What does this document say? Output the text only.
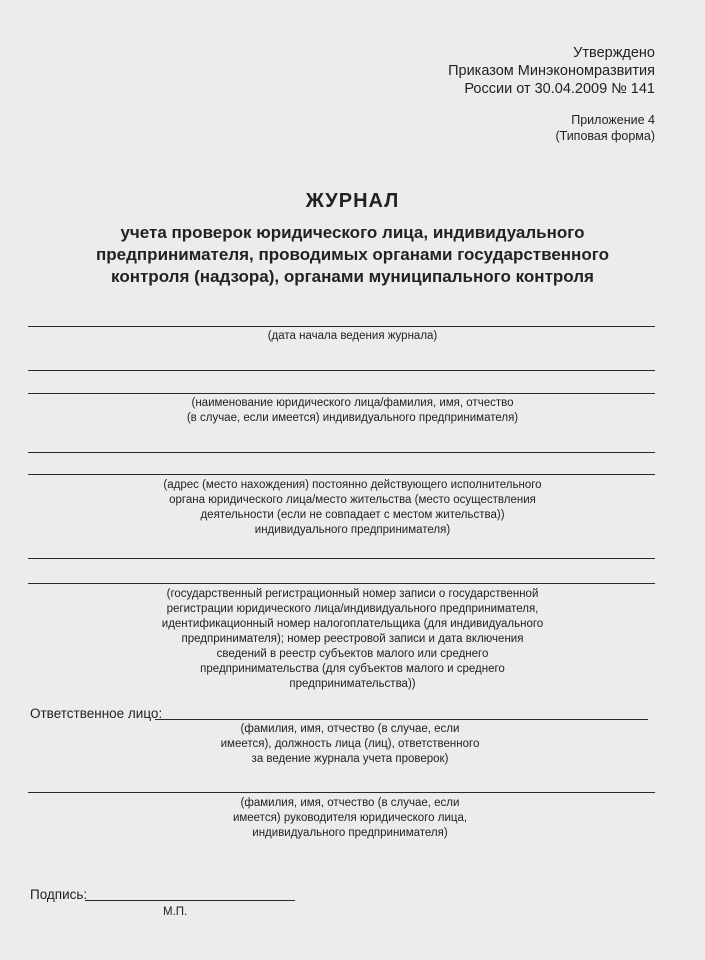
Утверждено
Приказом Минэкономразвития
России от 30.04.2009 № 141
Приложение 4
(Типовая форма)
ЖУРНАЛ
учета проверок юридического лица, индивидуального
предпринимателя, проводимых органами государственного
контроля (надзора), органами муниципального контроля
(дата начала ведения журнала)
(наименование юридического лица/фамилия, имя, отчество
(в случае, если имеется) индивидуального предпринимателя)
(адрес (место нахождения) постоянно действующего исполнительного
органа юридического лица/место жительства (место осуществления
деятельности (если не совпадает с местом жительства))
индивидуального предпринимателя)
(государственный регистрационный номер записи о государственной
регистрации юридического лица/индивидуального предпринимателя,
идентификационный номер налогоплательщика (для индивидуального
предпринимателя); номер реестровой записи и дата включения
сведений в реестр субъектов малого или среднего
предпринимательства (для субъектов малого и среднего
предпринимательства))
Ответственное лицо:
(фамилия, имя, отчество (в случае, если
имеется), должность лица (лиц), ответственного
за ведение журнала учета проверок)
(фамилия, имя, отчество (в случае, если
имеется) руководителя юридического лица,
индивидуального предпринимателя)
Подпись:
М.П.
